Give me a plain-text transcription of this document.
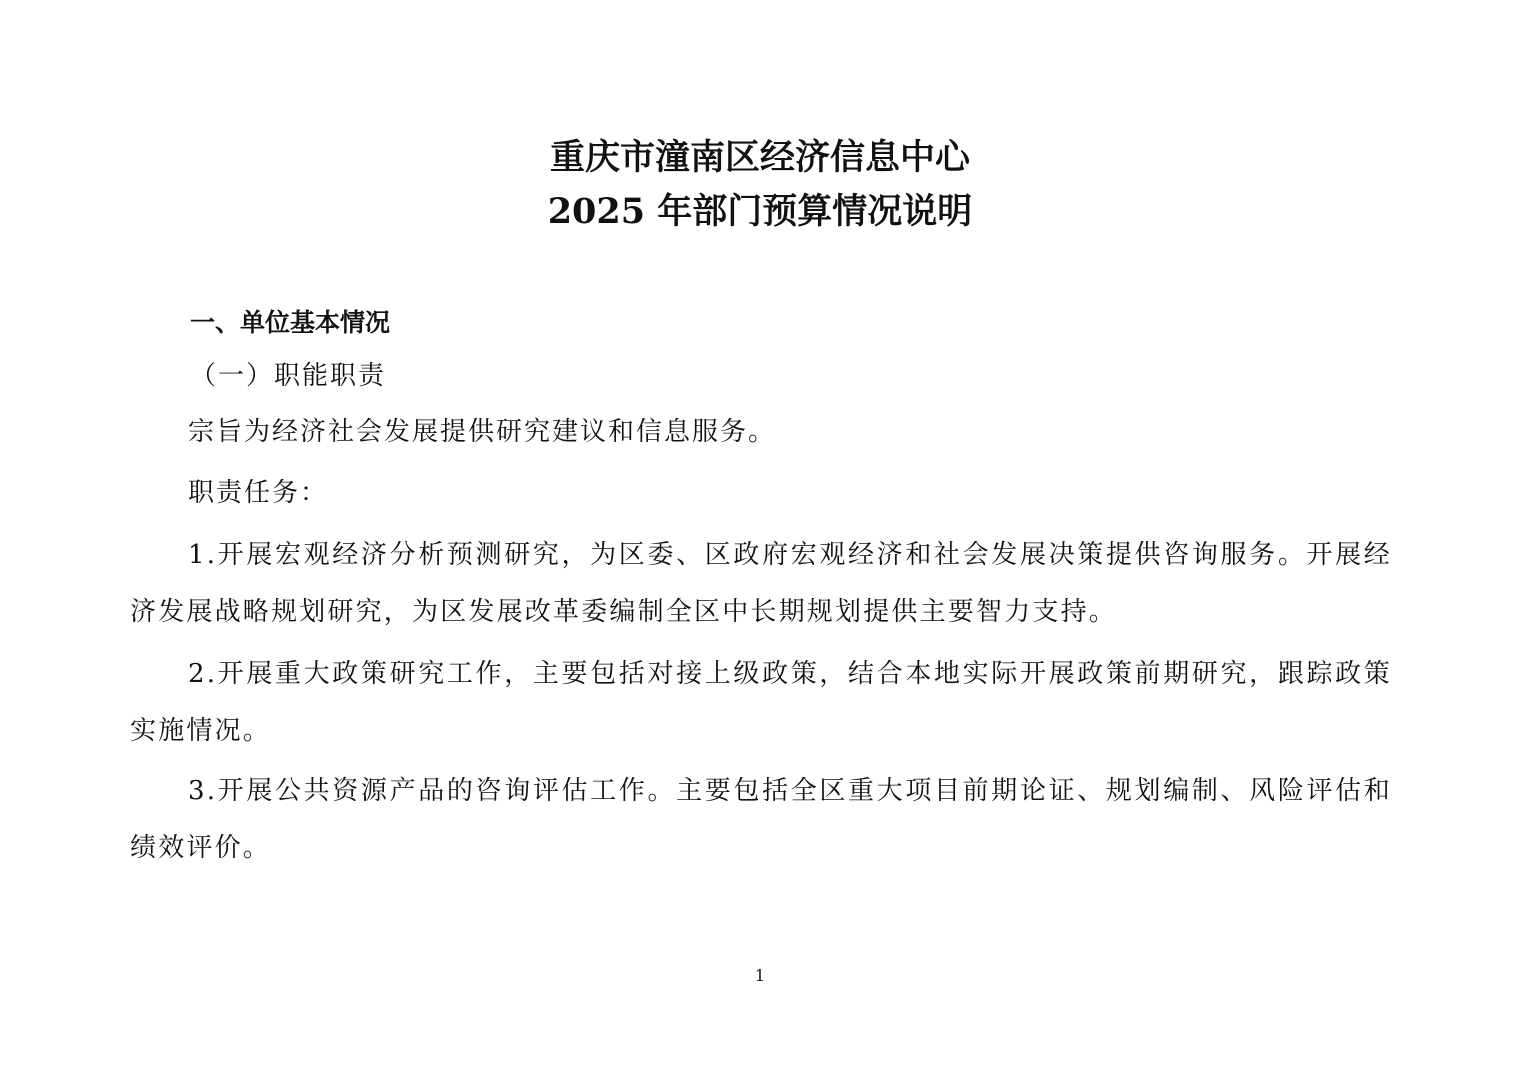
重庆市潼南区经济信息中心
2025 年部门预算情况说明
一、单位基本情况
（一）职能职责
宗旨为经济社会发展提供研究建议和信息服务。
职责任务：
1.开展宏观经济分析预测研究，为区委、区政府宏观经济和社会发展决策提供咨询服务。开展经济发展战略规划研究，为区发展改革委编制全区中长期规划提供主要智力支持。
2.开展重大政策研究工作，主要包括对接上级政策，结合本地实际开展政策前期研究，跟踪政策实施情况。
3.开展公共资源产品的咨询评估工作。主要包括全区重大项目前期论证、规划编制、风险评估和绩效评价。
1
